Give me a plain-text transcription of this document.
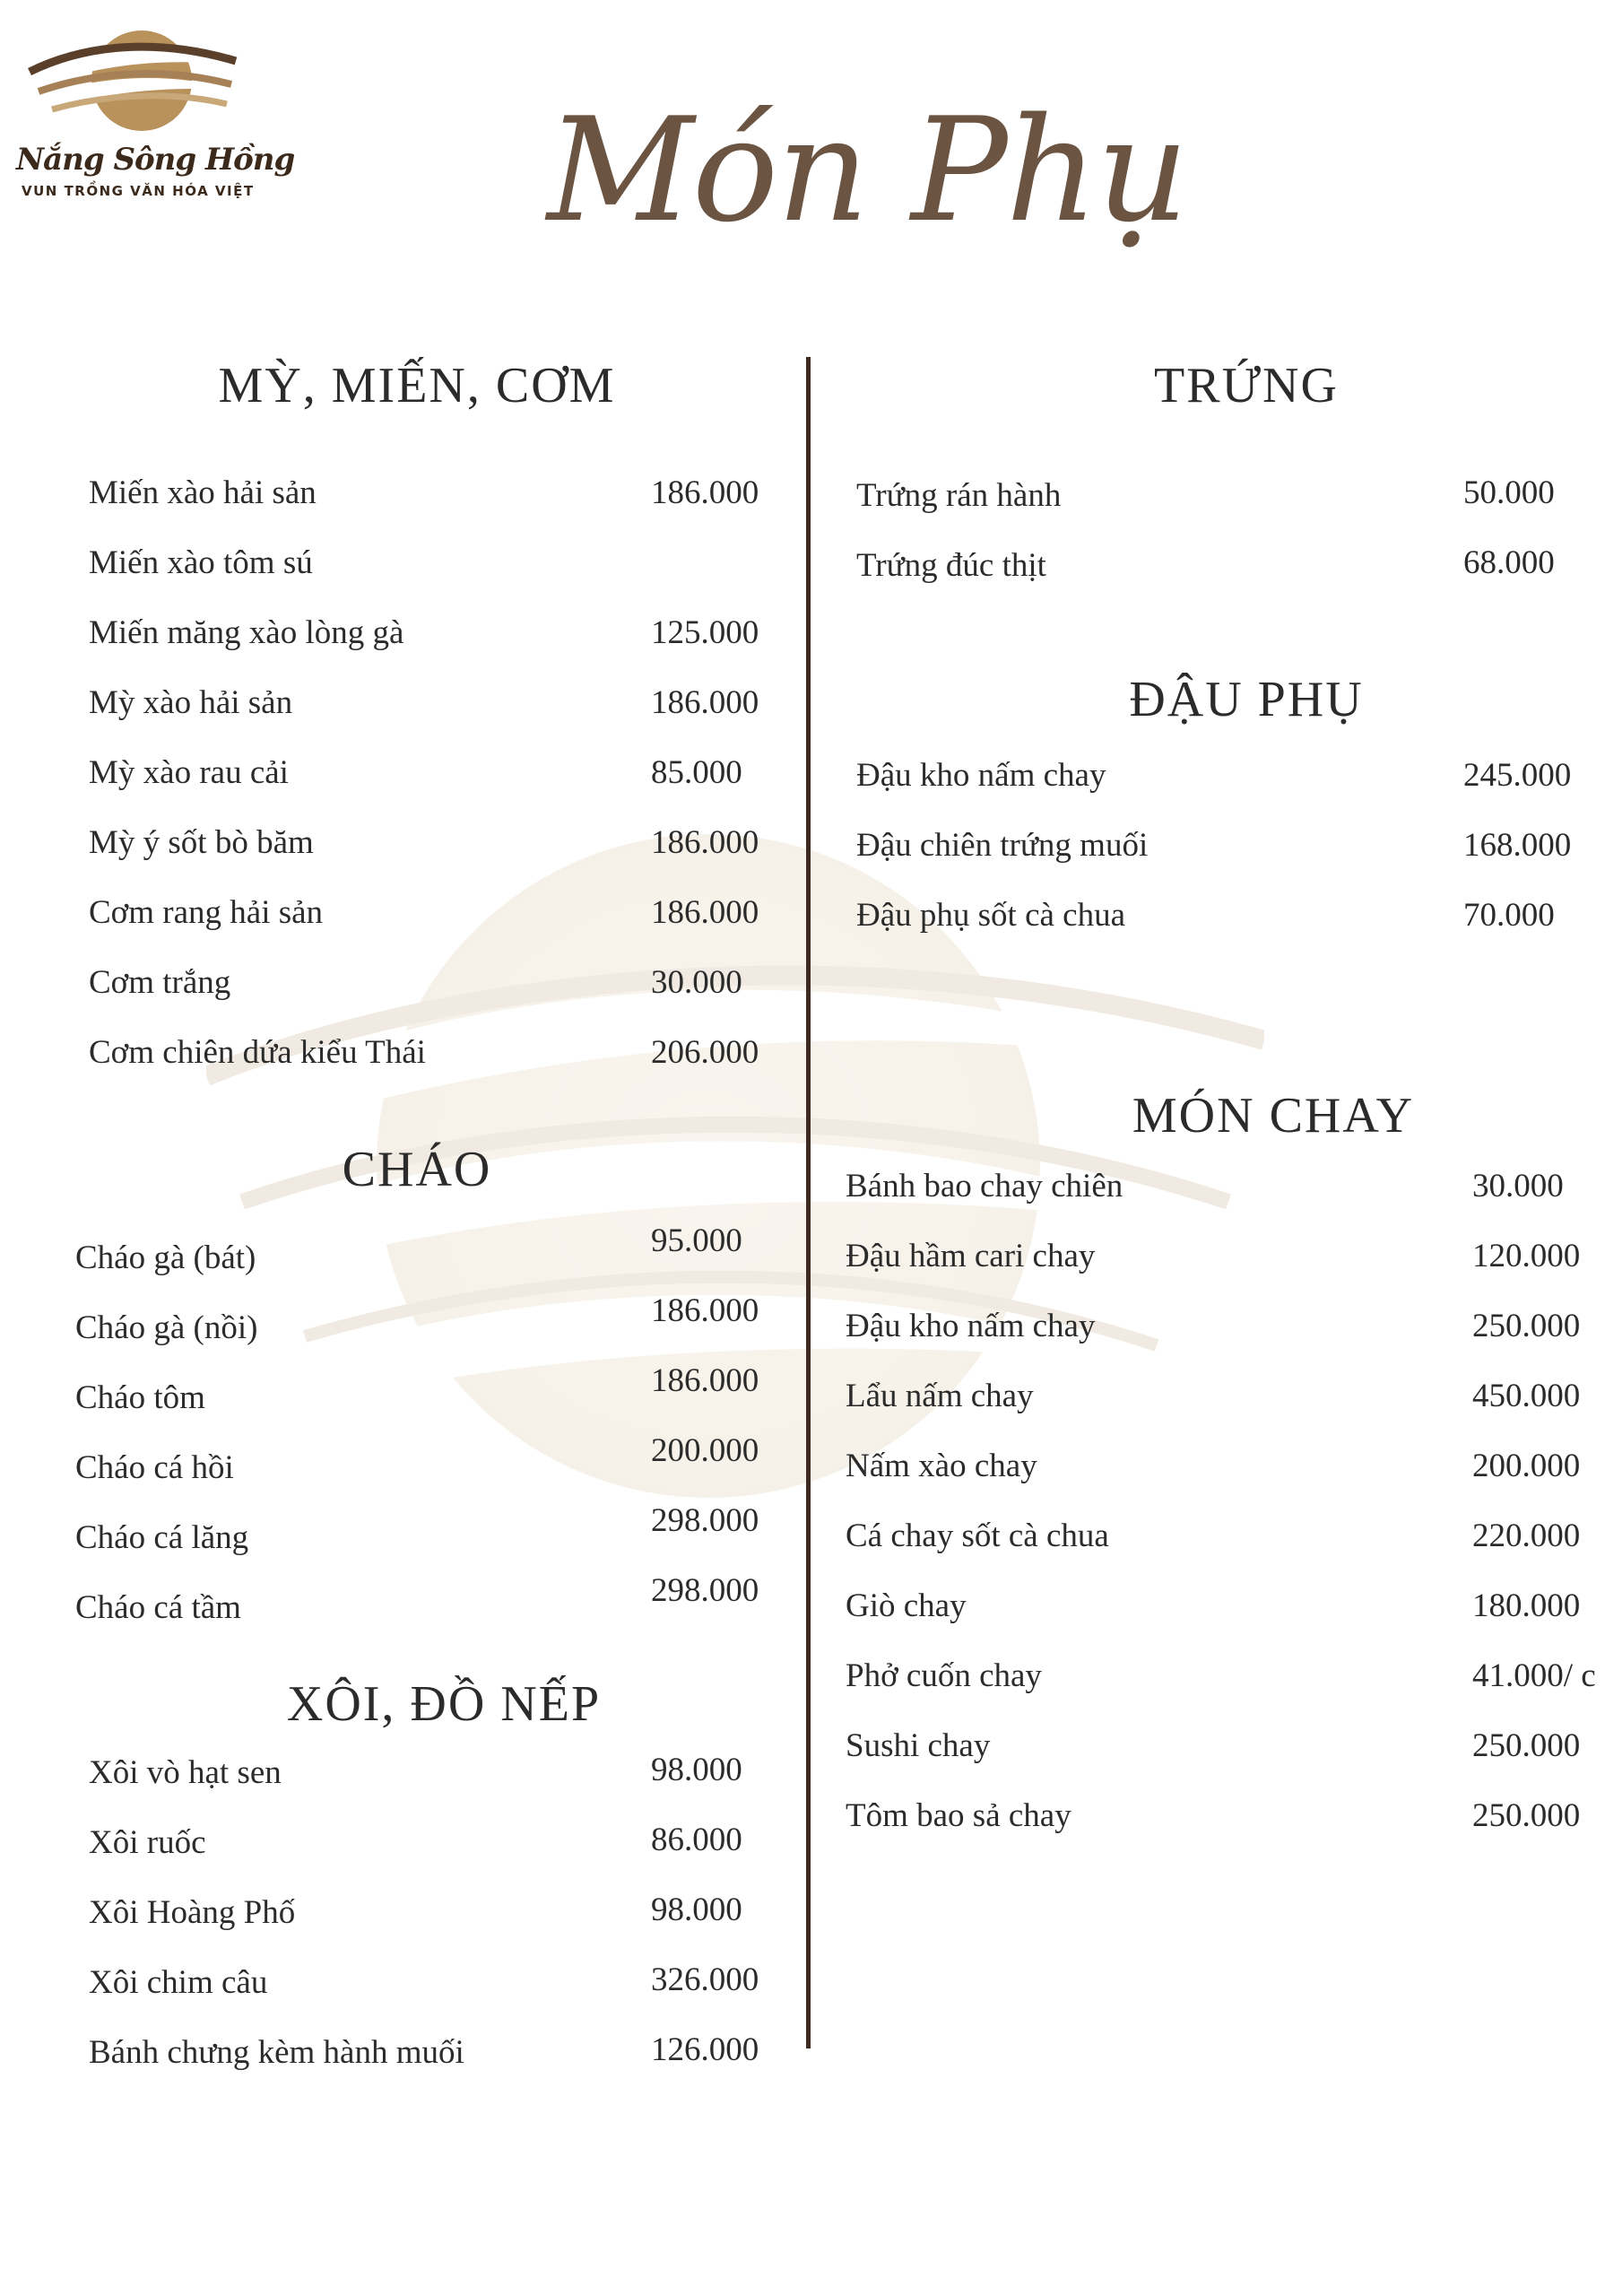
Nắng Sông Hồng
VUN TRỒNG VĂN HÓA VIỆT Món Phụ
MỲ, MIẾN, CƠM
Miến xào hải sản	186.000
Miến xào tôm sú
Miến măng xào lòng gà	125.000
Mỳ xào hải sản	186.000
Mỳ xào rau cải	85.000
Mỳ ý sốt bò băm	186.000
Cơm rang hải sản	186.000
Cơm trắng	30.000
Cơm chiên dứa kiểu Thái	206.000
CHÁO
Cháo gà (bát)	95.000
Cháo gà (nồi)	186.000
Cháo tôm	186.000
Cháo cá hồi	200.000
Cháo cá lăng	298.000
Cháo cá tầm	298.000
XÔI, ĐỒ NẾP
Xôi vò hạt sen	98.000
Xôi ruốc	86.000
Xôi Hoàng Phố	98.000
Xôi chim câu	326.000
Bánh chưng kèm hành muối	126.000
TRỨNG
Trứng rán hành	50.000
Trứng đúc thịt	68.000
ĐẬU PHỤ
Đậu kho nấm chay	245.000
Đậu chiên trứng muối	168.000
Đậu phụ sốt cà chua	70.000
MÓN CHAY
Bánh bao chay chiên	30.000
Đậu hầm cari chay	120.000
Đậu kho nấm chay	250.000
Lẩu nấm chay	450.000
Nấm xào chay	200.000
Cá chay sốt cà chua	220.000
Giò chay	180.000
Phở cuốn chay	41.000/ c
Sushi chay	250.000
Tôm bao sả chay	250.000
